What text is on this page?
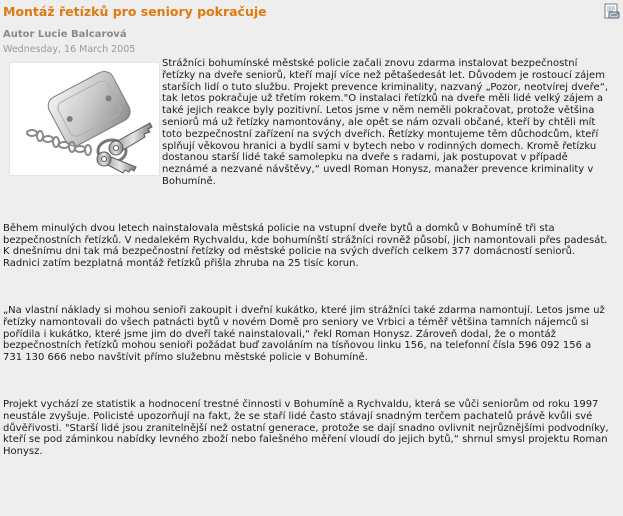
Montáž řetízků pro seniory pokračuje
Autor Lucie Balcarová
Wednesday, 16 March 2005

Strážníci bohumínské městské policie začali znovu zdarma instalovat bezpečnostní řetízky na dveře seniorů, kteří mají více než pětašedesát let. Důvodem je rostoucí zájem starších lidí o tuto službu. Projekt prevence kriminality, nazvaný „Pozor, neotvírej dveře“, tak letos pokračuje už třetím rokem."O instalaci řetízků na dveře měli lidé velký zájem a také jejich reakce byly pozitivní. Letos jsme v něm neměli pokračovat, protože většina seniorů má už řetízky namontovány, ale opět se nám ozvali občané, kteří by chtěli mít toto bezpečnostní zařízení na svých dveřích. Řetízky montujeme těm důchodcům, kteří splňují věkovou hranici a bydlí sami v bytech nebo v rodinných domech. Kromě řetízku dostanou starší lidé také samolepku na dveře s radami, jak postupovat v případě neznámé a nezvané návštěvy,“ uvedl Roman Honysz, manažer prevence kriminality v Bohumíně.

Během minulých dvou letech nainstalovala městská policie na vstupní dveře bytů a domků v Bohumíně tři sta bezpečnostních řetízků. V nedalekém Rychvaldu, kde bohumínští strážníci rovněž působí, jich namontovali přes padesát. K dnešnímu dni tak má bezpečnostní řetízky od městské policie na svých dveřích celkem 377 domácností seniorů. Radnici zatím bezplatná montáž řetízků přišla zhruba na 25 tisíc korun.

„Na vlastní náklady si mohou senioři zakoupit i dveřní kukátko, které jim strážníci také zdarma namontují. Letos jsme už řetízky namontovali do všech patnácti bytů v novém Domě pro seniory ve Vrbici a téměř většina tamních nájemců si pořídila i kukátko, které jsme jim do dveří také nainstalovali,“ řekl Roman Honysz. Zároveň dodal, že o montáž bezpečnostních řetízků mohou senioři požádat buď zavoláním na tísňovou linku 156, na telefonní čísla 596 092 156 a 731 130 666 nebo navštívit přímo služebnu městské policie v Bohumíně.

Projekt vychází ze statistik a hodnocení trestné činnosti v Bohumíně a Rychvaldu, která se vůči seniorům od roku 1997 neustále zvyšuje. Policisté upozorňují na fakt, že se staří lidé často stávají snadným terčem pachatelů právě kvůli své důvěřivosti. "Starší lidé jsou zranitelnější než ostatní generace, protože se dají snadno ovlivnit nejrůznějšími podvodníky, kteří se pod záminkou nabídky levného zboží nebo falešného měření vloudí do jejich bytů,“ shrnul smysl projektu Roman Honysz.
